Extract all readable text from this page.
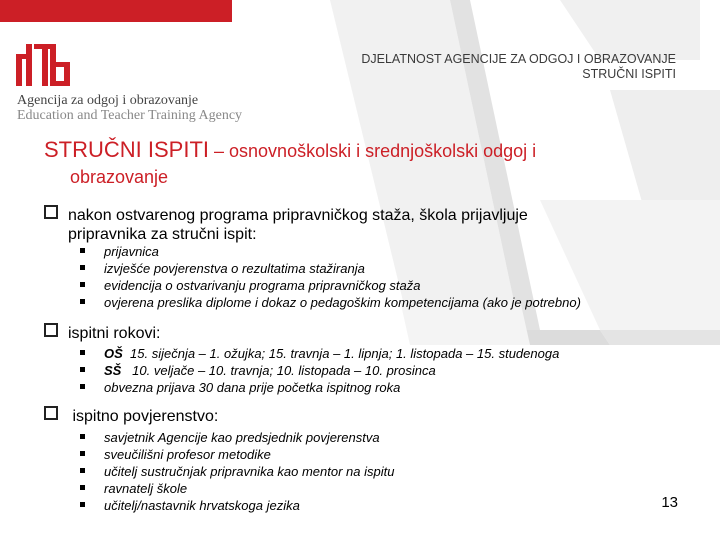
Agencija za odgoj i obrazovanje
Education and Teacher Training Agency
DJELATNOST AGENCIJE ZA ODGOJ I OBRAZOVANJE
STRUČNI ISPITI
STRUČNI ISPITI – osnovnoškolski i srednjoškolski odgoj i
obrazovanje
nakon ostvarenog programa pripravničkog staža, škola prijavljuje
pripravnika za stručni ispit:
prijavnica
izvješće povjerenstva o rezultatima stažiranja
evidencija o ostvarivanju programa pripravničkog staža
ovjerena preslika diplome i dokaz o pedagoškim kompetencijama (ako je potrebno)
ispitni rokovi:
OŠ  15. siječnja – 1. ožujka; 15. travnja – 1. lipnja; 1. listopada – 15. studenoga
SŠ   10. veljače – 10. travnja; 10. listopada – 10. prosinca
obvezna prijava 30 dana prije početka ispitnog roka
ispitno povjerenstvo:
savjetnik Agencije kao predsjednik povjerenstva
sveučilišni profesor metodike
učitelj sustručnjak pripravnika kao mentor na ispitu
ravnatelj škole
učitelj/nastavnik hrvatskoga jezika	13
